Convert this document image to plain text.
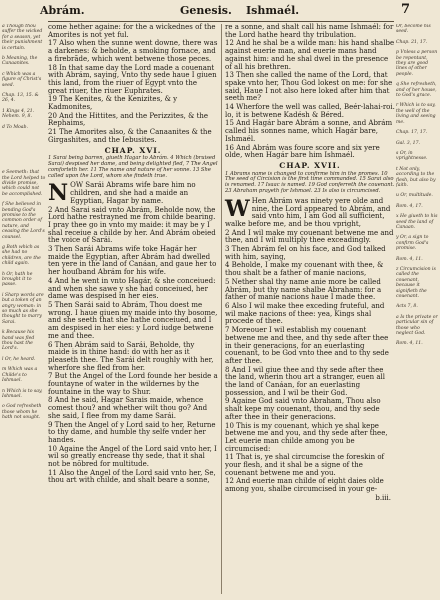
Abrám.	Genesis. Ishmaél.	7
a Though thou suffer the wicked for a season, yet their punishment is certain.
b Meaning, the Canaanites.
c Which was a figure of Christ's seed.
Chap. 13, 15. & 26, 4.
1 Kings 4, 21. Nehem. 9, 8.
d To Moab.
e Seemeth: that the Lord helped to divide promise, which could not be accomplished.
f She believed in bending God's promise to the common order of nature, and ceasing the Lord's counsel.
g Both which as she had no children, are the child again.
h Or, hath he brought it to passe.
i Sharp words are but a token of an angry woman: in so much as she thought to marry Sarai.
k Because his hand was fled thou hast the Lord's.
l Or, he heard.
m Which was a Childe's to Ishmael.
n Which is to say, Ishmael.
o God refresheth those whom he hath not sought.
Or, become his seed.
Chap. 21, 17.
p Vnless a person be repentant, they are good lines of other people.
q She refresheth, and of her house, to God's grace.
r Which is to say, the well of the living and seeing me.
Chap. 17, 17.
Gal. 3, 17.
s Or, in vprightnesse.
t Not only, according to the flesh, but also by faith.
u Or, multitude.
Rom. 4, 17.
x He giueth to his seed the land of Canaan.
y Or, a sign to confirm God's promise.
Rom. 4, 11.
z Circumcision is called the couenant, because it signifieth the couenant.
Acts 7, 8.
a Is the private or particular sin of those who neglect God.
Rom. 4, 11.

come hether againe: for the a wickednes of the Amorites is not yet ful.

17 Also when the sunne went downe, there was a darkenes: & beholde, a smoking fornace, and a firebrãde, which went betwene those peces.

18 In that same day the Lord made a couenant with Abrám, saying, Vnto thy sede haue I giuen this land, from the riuer of Egypt vnto the great riuer, the riuer Euphrates.

19 The Kenites, & the Kenizites, & y Kadmonites,

20 And the Hittites, and the Perizzites, & the Rephaims,

21 The Amorites also, & the Canaanites & the Girgashites, and the Iebusites.

CHAP. XVI.
1 Sarai being barren, giueth Hagar to Abrám. 4 Which (bruised Sarai) despised her dame, and being delighted fled, 7 The Angel comforteth her. 11 The name and nature of her sonne. 13 She called upon the Lord, whom she findeth true.

NOW Sarái Abrams wife bare him no children, and she had a maide an Egyptian, Hagar by name.

2 And Sarai said vnto Abrám, Beholde now, the Lord hathe restrayned me from childe bearing. I pray thee go in vnto my maide: it may be y I shal receiue a childe by her. And Abrám obeied the voice of Sarái.

3 Then Sarái Abrams wife toke Hagár her maide the Egyptian, after Abrám had dwelled ten yere in the land of Canáan, and gaue her to her houſband Abrám for his wife.

4 And he went in vnto Hagár, & she conceiued: and when she sawe y she had conceiued, her dame was despised in her eies.

5 Then Sarái said to Abrám, Thou doest me wrong. I haue giuen my maide into thy bosome, and she seeth that she hathe conceiued, and I am despised in her eies: y Lord iudge betwene me and thee.

6 Then Abrám said to Sarái, Beholde, thy maide is in thine hand: do with her as it pleaseth thee. The Sarái delt roughly with her, wherfore she fled from her.

7 But the Angel of the Lord founde her beside a fountayne of water in the wildernes by the fountaine in the way to Shur.

8 And he said, Hagar Sarais maide, whence comest thou? and whether wilt thou go? And she said, I flee from my dame Sarái.

9 Then the Angel of y Lord said to her, Returne to thy dame, and humble thy selfe vnder her handes.

10 Againe the Angel of the Lord said vnto her, I wil so greatly encrease thy sede, that it shal not be nōbred for multitude.

11 Also the Angel of the Lord said vnto her, Se, thou art with childe, and shalt beare a sonne,

re a sonne, and shalt call his name Ishmaél: for the Lord hathe heard thy tribulation.

12 And he shal be a wilde man: his hand shalbe against euerie man, and euerie mans hand against him: and he shal dwel in the presence of all his brethren.

13 Then she called the name of the Lord, that spake vnto her, Thou God lokest on me: for she said, Haue I not also here loked after him that seeth me?

14 Wherfore the well was called, Beér-lahai-roi. lo, it is betwene Kadésh & Béred.

15 And Hagár bare Abrám a sonne, and Abrám called his sonnes name, which Hagár bare, Ishmaél.

16 And Abrám was foure score and six yere olde, when Hagár bare him Ishmaél.

CHAP. XVII.
1 Abrams name is changed to confirme him in the promes. 10 The seed of Circision is the first time commanded. 15 Sarai also is renamed. 17 Isaac is named. 19 God conferreth the couenant. 23 Abraham prayeth for Ishmael. 23 Is also is circumcised.

W Hen Abrám was ninety yere olde and nine, the Lord appeared to Abrám, and said vnto him, I am God all sufficient, walke before me, and be thou vpright,

2 And I wil make my couenant betwene me and thee, and I wil multiply thee exceadingly.

3 Then Abrám fel on his face, and God talked with him, saying,

4 Beholde, I make my couenant with thee, & thou shalt be a father of manie nacions,

5 Nether shal thy name anie more be called Abrám, but thy name shalbe Abraham: for a father of manie nacions haue I made thee.

6 Also I wil make thee exceding fruteful, and wil make nacions of thee: yea, Kings shal procede of thee.

7 Moreouer I wil establish my couenant betwene me and thee, and thy sede after thee in their generacions, for an euerlasting couenant, to be God vnto thee and to thy sede after thee.

8 And I wil giue thee and thy sede after thee the land, wherin thou art a stranger, euen all the land of Canáan, for an euerlasting possession, and I wil be their God.

9 Againe God said vnto Abraham, Thou also shalt kepe my couenant, thou, and thy sede after thee in their generacions.

10 This is my couenant, which ye shal kepe betwene me and you, and thy sede after thee, Let euerie man childe among you be circumcised:

11 That is, ye shal circumcise the foreskin of your flesh, and it shal be a signe of the couenant betwene me and you.

12 And euerie man childe of eight daies olde among you, shalbe circumcised in your ge-

b.iii.
